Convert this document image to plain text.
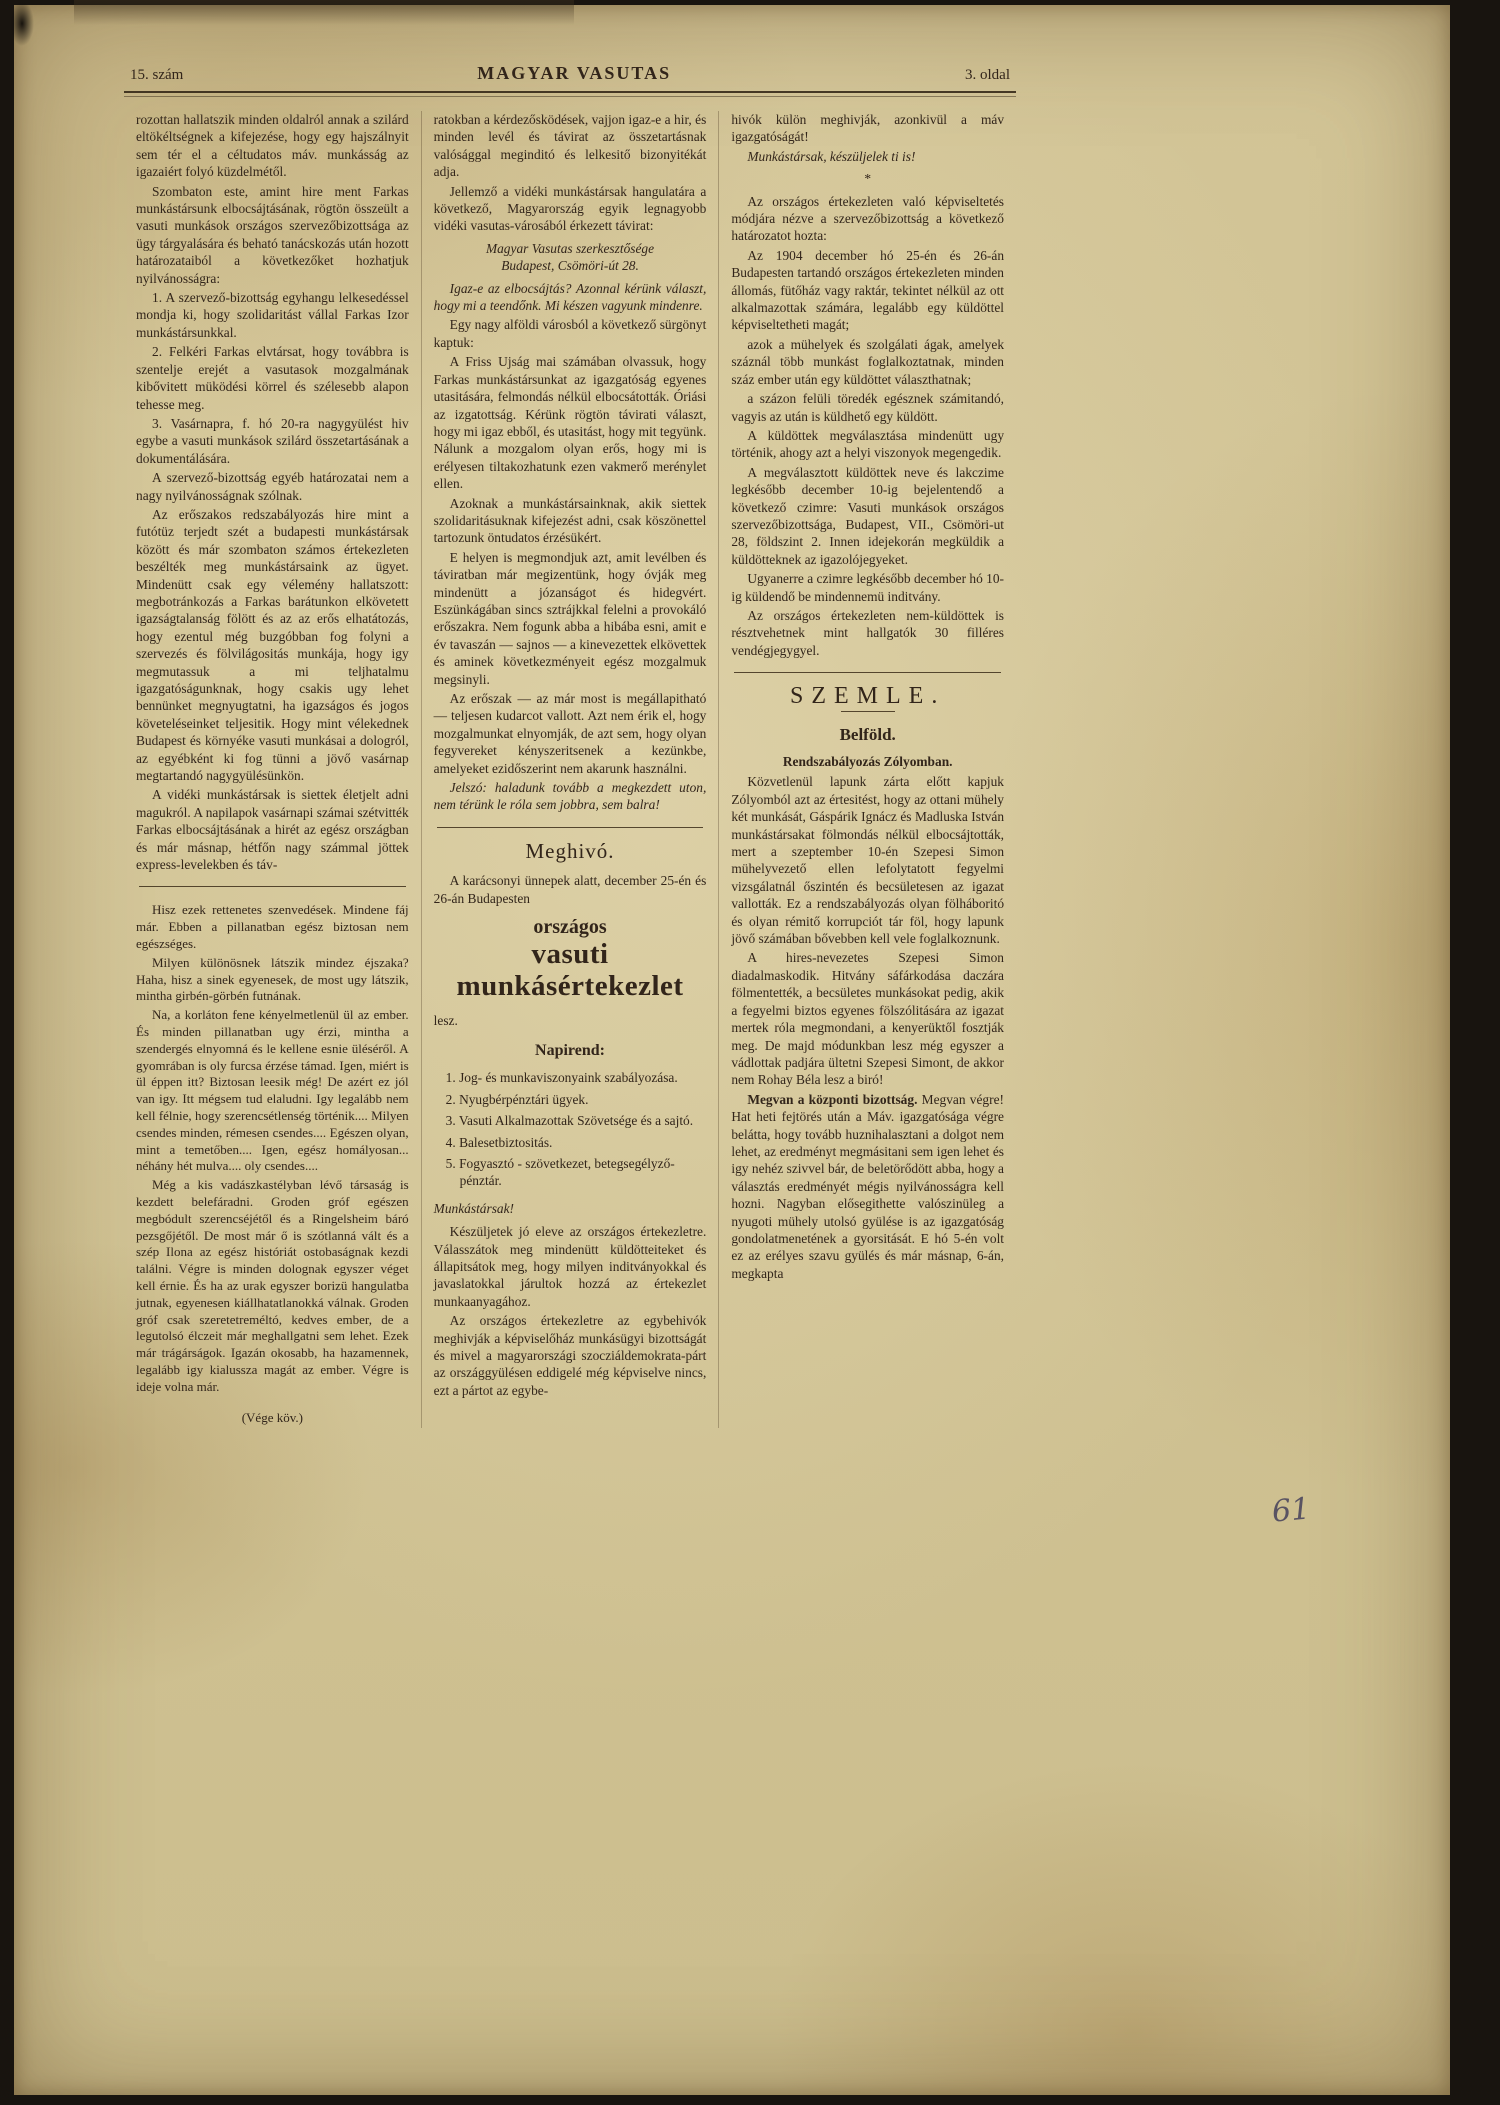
15. szám	MAGYAR VASUTAS	3. oldal

rozottan hallatszik minden oldalról annak a szilárd eltökéltségnek a kifejezése, hogy egy hajszálnyit sem tér el a céltudatos máv. munkásság az igazaiért folyó küzdelmétől.

Szombaton este, amint hire ment Farkas munkástársunk elbocsájtásának, rögtön összeült a vasuti munkások országos szervezőbizottsága az ügy tárgyalására és beható tanácskozás után hozott határozataiból a következőket hozhatjuk nyilvánosságra:

1. A szervező-bizottság egyhangu lelkesedéssel mondja ki, hogy szolidaritást vállal Farkas Izor munkástársunkkal.

2. Felkéri Farkas elvtársat, hogy továbbra is szentelje erejét a vasutasok mozgalmának kibővitett müködési körrel és szélesebb alapon tehesse meg.

3. Vasárnapra, f. hó 20-ra nagygyülést hiv egybe a vasuti munkások szilárd összetartásának a dokumentálására.

A szervező-bizottság egyéb határozatai nem a nagy nyilvánosságnak szólnak.

Az erőszakos redszabályozás hire mint a futótüz terjedt szét a budapesti munkástársak között és már szombaton számos értekezleten beszélték meg munkástársaink az ügyet. Mindenütt csak egy vélemény hallatszott: megbotránkozás a Farkas barátunkon elkövetett igazságtalanság fölött és az az erős elhatátozás, hogy ezentul még buzgóbban fog folyni a szervezés és fölvilágositás munkája, hogy igy megmutassuk a mi teljhatalmu igazgatóságunknak, hogy csakis ugy lehet bennünket megnyugtatni, ha igazságos és jogos követeléseinket teljesitik. Hogy mint vélekednek Budapest és környéke vasuti munkásai a dologról, az egyébként ki fog tünni a jövő vasárnap megtartandó nagygyülésünkön.

A vidéki munkástársak is siettek életjelt adni magukról. A napilapok vasárnapi számai szétvitték Farkas elbocsájtásának a hirét az egész országban és már másnap, hétfőn nagy számmal jöttek express-levelekben és táv-

Hisz ezek rettenetes szenvedések. Mindene fáj már. Ebben a pillanatban egész biztosan nem egészséges.

Milyen különösnek látszik mindez éjszaka? Haha, hisz a sinek egyenesek, de most ugy látszik, mintha girbén-görbén futnának.

Na, a korláton fene kényelmetlenül ül az ember. És minden pillanatban ugy érzi, mintha a szendergés elnyomná és le kellene esnie üléséről. A gyomrában is oly furcsa érzése támad. Igen, miért is ül éppen itt? Biztosan leesik még! De azért ez jól van igy. Itt mégsem tud elaludni. Igy legalább nem kell félnie, hogy szerencsétlenség történik.... Milyen csendes minden, rémesen csendes.... Egészen olyan, mint a temetőben.... Igen, egész homályosan... néhány hét mulva.... oly csendes....

Még a kis vadászkastélyban lévő társaság is kezdett belefáradni. Groden gróf egészen megbódult szerencséjétől és a Ringelsheim báró pezsgőjétől. De most már ő is szótlanná vált és a szép Ilona az egész históriát ostobaságnak kezdi találni. Végre is minden dolognak egyszer véget kell érnie. És ha az urak egyszer borizü hangulatba jutnak, egyenesen kiállhatatlanokká válnak. Groden gróf csak szeretetreméltó, kedves ember, de a legutolsó élczeit már meghallgatni sem lehet. Ezek már trágárságok. Igazán okosabb, ha hazamennek, legalább igy kialussza magát az ember. Végre is ideje volna már.

(Vége köv.)

ratokban a kérdezősködések, vajjon igaz-e a hir, és minden levél és távirat az összetartásnak valósággal meginditó és lelkesitő bizonyitékát adja.

Jellemző a vidéki munkástársak hangulatára a következő, Magyarország egyik legnagyobb vidéki vasutas-városából érkezett távirat:

Magyar Vasutas szerkesztősége

Budapest, Csömöri-út 28.

Igaz-e az elbocsájtás? Azonnal kérünk választ, hogy mi a teendőnk. Mi készen vagyunk mindenre.

Egy nagy alföldi városból a következő sürgönyt kaptuk:

A Friss Ujság mai számában olvassuk, hogy Farkas munkástársunkat az igazgatóság egyenes utasitására, felmondás nélkül elbocsátották. Óriási az izgatottság. Kérünk rögtön távirati választ, hogy mi igaz ebből, és utasitást, hogy mit tegyünk. Nálunk a mozgalom olyan erős, hogy mi is erélyesen tiltakozhatunk ezen vakmerő merénylet ellen.

Azoknak a munkástársainknak, akik siettek szolidaritásuknak kifejezést adni, csak köszönettel tartozunk öntudatos érzésükért.

E helyen is megmondjuk azt, amit levélben és táviratban már megizentünk, hogy óvják meg mindenütt a józanságot és hidegvért. Eszünkágában sincs sztrájkkal felelni a provokáló erőszakra. Nem fogunk abba a hibába esni, amit e év tavaszán — sajnos — a kinevezettek elkövettek és aminek következményeit egész mozgalmuk megsinyli.

Az erőszak — az már most is megállapitható — teljesen kudarcot vallott. Azt nem érik el, hogy mozgalmunkat elnyomják, de azt sem, hogy olyan fegyvereket kényszeritsenek a kezünkbe, amelyeket ezidőszerint nem akarunk használni.

Jelszó: haladunk tovább a megkezdett uton, nem térünk le róla sem jobbra, sem balra!

Meghivó.

A karácsonyi ünnepek alatt, december 25-én és 26-án Budapesten

országos
vasuti munkásértekezlet

lesz.

Napirend:

1. Jog- és munkaviszonyaink szabályozása.

2. Nyugbérpénztári ügyek.

3. Vasuti Alkalmazottak Szövetsége és a sajtó.

4. Balesetbiztositás.

5. Fogyasztó - szövetkezet, betegsegélyző-pénztár.

Munkástársak!

Készüljetek jó eleve az országos értekezletre. Válasszátok meg mindenütt küldötteiteket és állapitsátok meg, hogy milyen inditványokkal és javaslatokkal járultok hozzá az értekezlet munkaanyagához.

Az országos értekezletre az egybehivók meghivják a képviselőház munkásügyi bizottságát és mivel a magyarországi szocziáldemokrata-párt az országgyülésen eddigelé még képviselve nincs, ezt a pártot az egybe-

hivók külön meghivják, azonkivül a máv igazgatóságát!

Munkástársak, készüljelek ti is!

*

Az országos értekezleten való képviseltetés módjára nézve a szervezőbizottság a következő határozatot hozta:

Az 1904 december hó 25-én és 26-án Budapesten tartandó országos értekezleten minden állomás, fütőház vagy raktár, tekintet nélkül az ott alkalmazottak számára, legalább egy küldöttel képviseltetheti magát;

azok a mühelyek és szolgálati ágak, amelyek száznál több munkást foglalkoztatnak, minden száz ember után egy küldöttet választhatnak;

a százon felüli töredék egésznek számitandó, vagyis az után is küldhető egy küldött.

A küldöttek megválasztása mindenütt ugy történik, ahogy azt a helyi viszonyok megengedik.

A megválasztott küldöttek neve és lakczime legkésőbb december 10-ig bejelentendő a következő czimre: Vasuti munkások országos szervezőbizottsága, Budapest, VII., Csömöri-ut 28, földszint 2. Innen idejekorán megküldik a küldötteknek az igazolójegyeket.

Ugyanerre a czimre legkésőbb december hó 10-ig küldendő be mindennemü inditvány.

Az országos értekezleten nem-küldöttek is résztvehetnek mint hallgatók 30 filléres vendégjegygyel.

SZEMLE.
Belföld.

Rendszabályozás Zólyomban.

Közvetlenül lapunk zárta előtt kapjuk Zólyomból azt az értesitést, hogy az ottani mühely két munkását, Gáspárik Ignácz és Madluska István munkástársakat fölmondás nélkül elbocsájtották, mert a szeptember 10-én Szepesi Simon mühelyvezető ellen lefolytatott fegyelmi vizsgálatnál őszintén és becsületesen az igazat vallották. Ez a rendszabályozás olyan fölháboritó és olyan rémitő korrupciót tár föl, hogy lapunk jövő számában bővebben kell vele foglalkoznunk.

A hires-nevezetes Szepesi Simon diadalmaskodik. Hitvány sáfárkodása daczára fölmentették, a becsületes munkásokat pedig, akik a fegyelmi biztos egyenes fölszólitására az igazat mertek róla megmondani, a kenyerüktől fosztják meg. De majd módunkban lesz még egyszer a vádlottak padjára ültetni Szepesi Simont, de akkor nem Rohay Béla lesz a biró!

Megvan a központi bizottság. Megvan végre! Hat heti fejtörés után a Máv. igazgatósága végre belátta, hogy tovább huznihalasztani a dolgot nem lehet, az eredményt megmásitani sem igen lehet és igy nehéz szivvel bár, de beletörődött abba, hogy a választás eredményét mégis nyilvánosságra kell hozni. Nagyban elősegithette valószinüleg a nyugoti mühely utolsó gyülése is az igazgatóság gondolatmenetének a gyorsitását. E hó 5-én volt ez az erélyes szavu gyülés és már másnap, 6-án, megkapta

61
